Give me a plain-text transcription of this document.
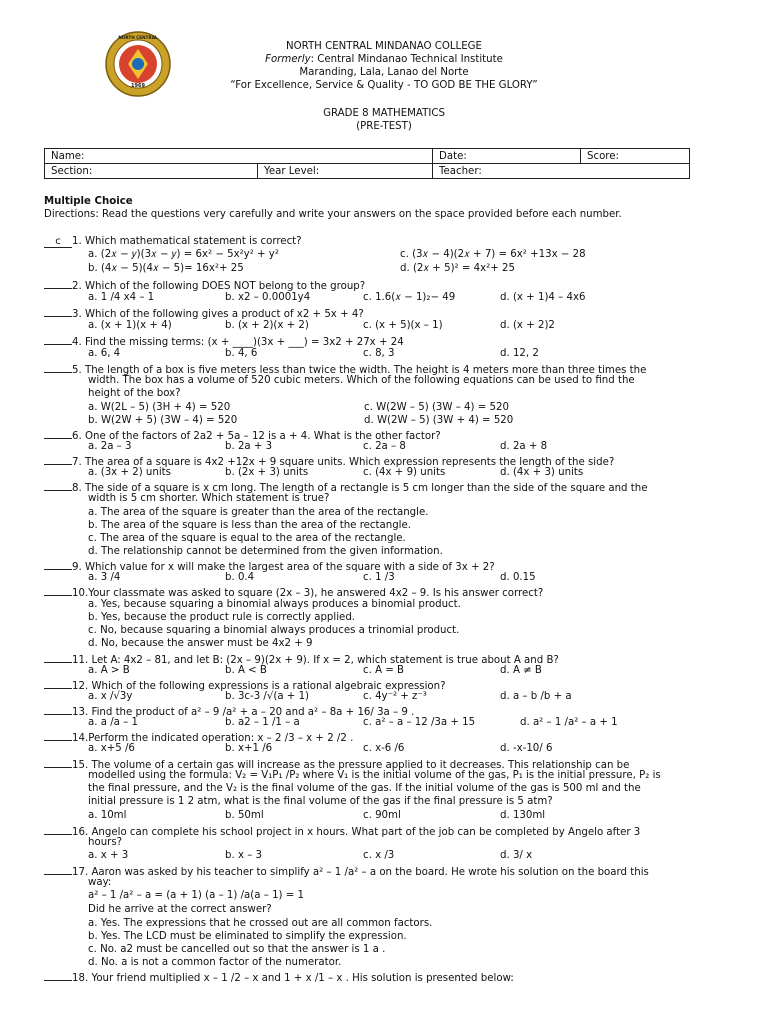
1969
NORTH CENTRAL
NORTH CENTRAL MINDANAO COLLEGE
Formerly: Central Mindanao Technical Institute
Maranding, Lala, Lanao del Norte
“For Excellence, Service & Quality - TO GOD BE THE GLORY”
GRADE 8 MATHEMATICS
(PRE-TEST)
Name:		Date:	Score:
Section:	Year Level:	Teacher:	
Multiple Choice
Directions: Read the questions very carefully and write your answers on the space provided before each number.
c 1. Which mathematical statement is correct?
a. (2𝑥 − 𝑦)(3𝑥 − 𝑦) = 6x² − 5x²y² + y²	c. (3𝑥 − 4)(2𝑥 + 7) = 6x² +13x − 28
b. (4𝑥 − 5)(4𝑥 − 5)= 16x²+ 25	d. (2𝑥 + 5)² = 4x²+ 25
2. Which of the following DOES NOT belong to the group?
a. 1 /4 x4 – 1	b. x2 – 0.0001y4	c. 1.6(𝑥 − 1)₂− 49	d. (x + 1)4 – 4x6
3. Which of the following gives a product of x2 + 5x + 4?
a. (x + 1)(x + 4)	b. (x + 2)(x + 2)	c. (x + 5)(x – 1)	d. (x + 2)2
4. Find the missing terms: (x + ____)(3x + ___) = 3x2 + 27x + 24
a. 6, 4	b. 4, 6	c. 8, 3	d. 12, 2
5. The length of a box is five meters less than twice the width. The height is 4 meters more than three times the
width. The box has a volume of 520 cubic meters. Which of the following equations can be used to find the
height of the box?
a. W(2L – 5) (3H + 4) = 520	c. W(2W – 5) (3W – 4) = 520
b. W(2W + 5) (3W – 4) = 520	d. W(2W – 5) (3W + 4) = 520
6. One of the factors of 2a2 + 5a – 12 is a + 4. What is the other factor?
a. 2a – 3	b. 2a + 3	c. 2a – 8	d. 2a + 8
7. The area of a square is 4x2 +12x + 9 square units. Which expression represents the length of the side?
a. (3x + 2) units	b. (2x + 3) units	c. (4x + 9) units	d. (4x + 3) units
8. The side of a square is x cm long. The length of a rectangle is 5 cm longer than the side of the square and the
width is 5 cm shorter. Which statement is true?
a. The area of the square is greater than the area of the rectangle.
b. The area of the square is less than the area of the rectangle.
c. The area of the square is equal to the area of the rectangle.
d. The relationship cannot be determined from the given information.
9. Which value for x will make the largest area of the square with a side of 3x + 2?
a. 3 /4	b. 0.4	c. 1 /3	d. 0.15
10.Your classmate was asked to square (2x – 3), he answered 4x2 – 9. Is his answer correct?
a. Yes, because squaring a binomial always produces a binomial product.
b. Yes, because the product rule is correctly applied.
c. No, because squaring a binomial always produces a trinomial product.
d. No, because the answer must be 4x2 + 9
11. Let A: 4x2 – 81, and let B: (2x – 9)(2x + 9). If x = 2, which statement is true about A and B?
a. A > B	b. A < B	c. A = B	d. A ≠ B
12. Which of the following expressions is a rational algebraic expression?
a. x /√3y	b. 3c-3 /√(a + 1)	c. 4y⁻² + z⁻³	d. a – b /b + a
13. Find the product of a² – 9 /a² + a – 20 and a² – 8a + 16/ 3a – 9 .
a. a /a – 1	b. a2 – 1 /1 – a	c. a² – a – 12 /3a + 15	d. a² – 1 /a² – a + 1
14.Perform the indicated operation: x – 2 /3 – x + 2 /2 .
a. x+5 /6	b. x+1 /6	c. x-6 /6	d. -x-10/ 6
15. The volume of a certain gas will increase as the pressure applied to it decreases. This relationship can be
modelled using the formula: V₂ = V₁P₁ /P₂ where V₁ is the initial volume of the gas, P₁ is the initial pressure, P₂ is
the final pressure, and the V₂ is the final volume of the gas. If the initial volume of the gas is 500 ml and the
initial pressure is 1 2 atm, what is the final volume of the gas if the final pressure is 5 atm?
a. 10ml	b. 50ml	c. 90ml	d. 130ml
16. Angelo can complete his school project in x hours. What part of the job can be completed by Angelo after 3
hours?
a. x + 3	b. x – 3	c. x /3	d. 3/ x
17. Aaron was asked by his teacher to simplify a² – 1 /a² – a on the board. He wrote his solution on the board this
way:
a² – 1 /a² – a = (a + 1) (a – 1) /a(a – 1) = 1
Did he arrive at the correct answer?
a. Yes. The expressions that he crossed out are all common factors.
b. Yes. The LCD must be eliminated to simplify the expression.
c. No. a2 must be cancelled out so that the answer is 1 a .
d. No. a is not a common factor of the numerator.
18. Your friend multiplied x – 1 /2 – x and 1 + x /1 – x . His solution is presented below:
